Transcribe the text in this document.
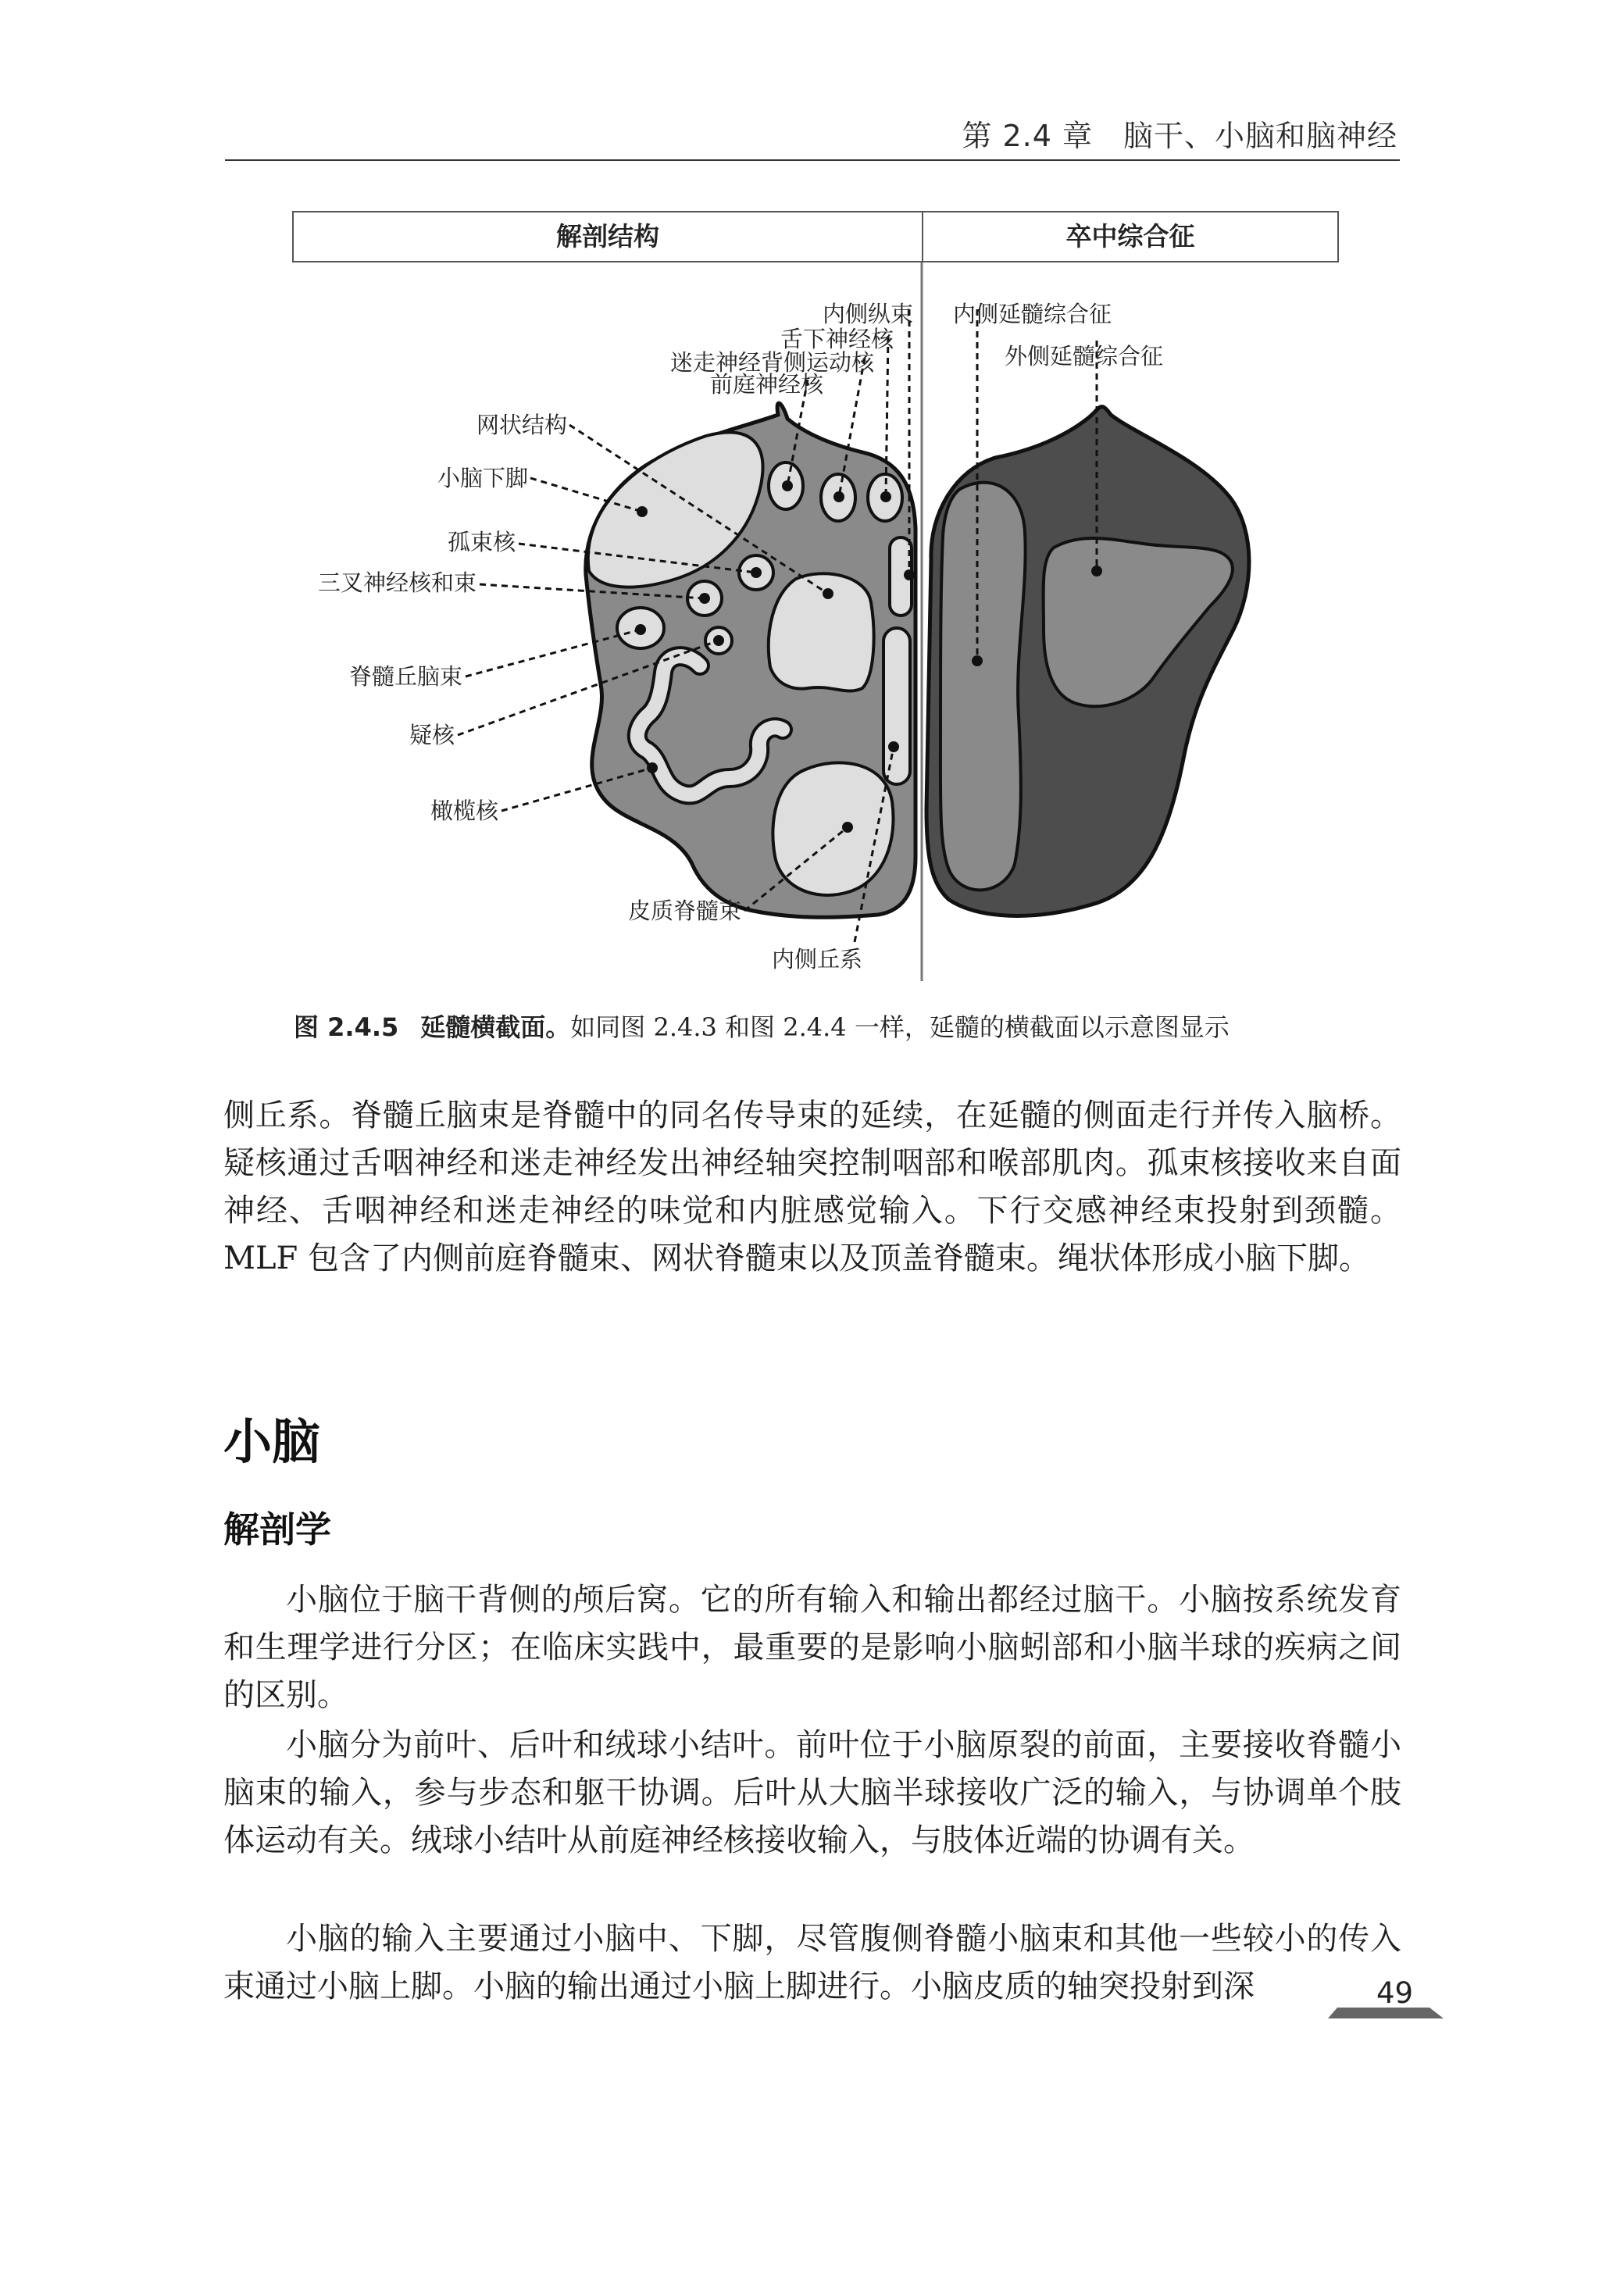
第 2.4 章　脑干、小脑和脑神经
解剖结构	卒中综合征
内侧纵束
舌下神经核
迷走神经背侧运动核
前庭神经核
网状结构
小脑下脚
孤束核
三叉神经核和束
脊髓丘脑束
疑核
橄榄核
皮质脊髓束
内侧丘系
内侧延髓综合征
外侧延髓综合征
图 2.4.5 延髓横截面。如同图 2.4.3 和图 2.4.4 一样，延髓的横截面以示意图显示

侧丘系。脊髓丘脑束是脊髓中的同名传导束的延续，在延髓的侧面走行并传入脑桥。疑核通过舌咽神经和迷走神经发出神经轴突控制咽部和喉部肌肉。孤束核接收来自面神经、舌咽神经和迷走神经的味觉和内脏感觉输入。下行交感神经束投射到颈髓。MLF 包含了内侧前庭脊髓束、网状脊髓束以及顶盖脊髓束。绳状体形成小脑下脚。

小脑
解剖学

小脑位于脑干背侧的颅后窝。它的所有输入和输出都经过脑干。小脑按系统发育和生理学进行分区；在临床实践中，最重要的是影响小脑蚓部和小脑半球的疾病之间的区别。

小脑分为前叶、后叶和绒球小结叶。前叶位于小脑原裂的前面，主要接收脊髓小脑束的输入，参与步态和躯干协调。后叶从大脑半球接收广泛的输入，与协调单个肢体运动有关。绒球小结叶从前庭神经核接收输入，与肢体近端的协调有关。

小脑的输入主要通过小脑中、下脚，尽管腹侧脊髓小脑束和其他一些较小的传入束通过小脑上脚。小脑的输出通过小脑上脚进行。小脑皮质的轴突投射到深	49
